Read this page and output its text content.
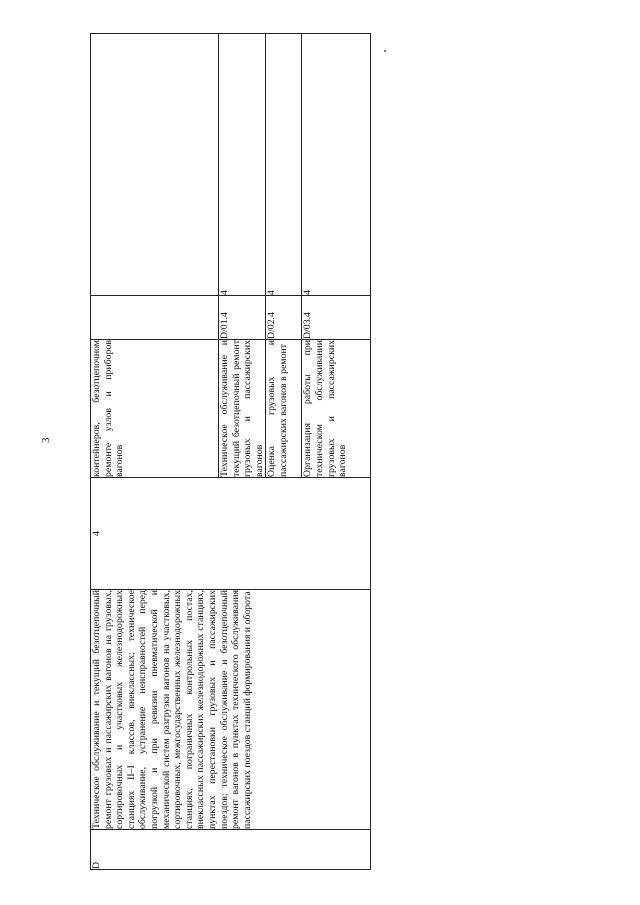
3
D	Техническое обслуживание и текущий безотцепочный ремонт грузовых и пассажирских вагонов на грузовых, сортировочных и участковых железнодорожных станциях II–I классов, внеклассных; техническое обслуживание, устранение неисправностей перед погрузкой и при ревизии пневматической и механической систем разгрузки вагонов на участковых, сортировочных, межгосударственных железнодорожных станциях, пограничных контрольных постах, внеклассных пассажирских железнодорожных станциях, пунктах перестановки грузовых и пассажирских поездов; техническое обслуживание и безотцепочный ремонт вагонов в пунктах технического обслуживания пассажирских поездов станций формирования и оборота	4	контейнеров, безотцепочном ремонте узлов и приборов вагонов		
			Техническое обслуживание и текущий безотцепочный ремонт грузовых и пассажирских вагонов	D/01.4	4
			Оценка грузовых и пассажирских вагонов в ремонт	D/02.4	4
			Организация работы при техническом обслуживании грузовых и пассажирских вагонов	D/03.4	4
